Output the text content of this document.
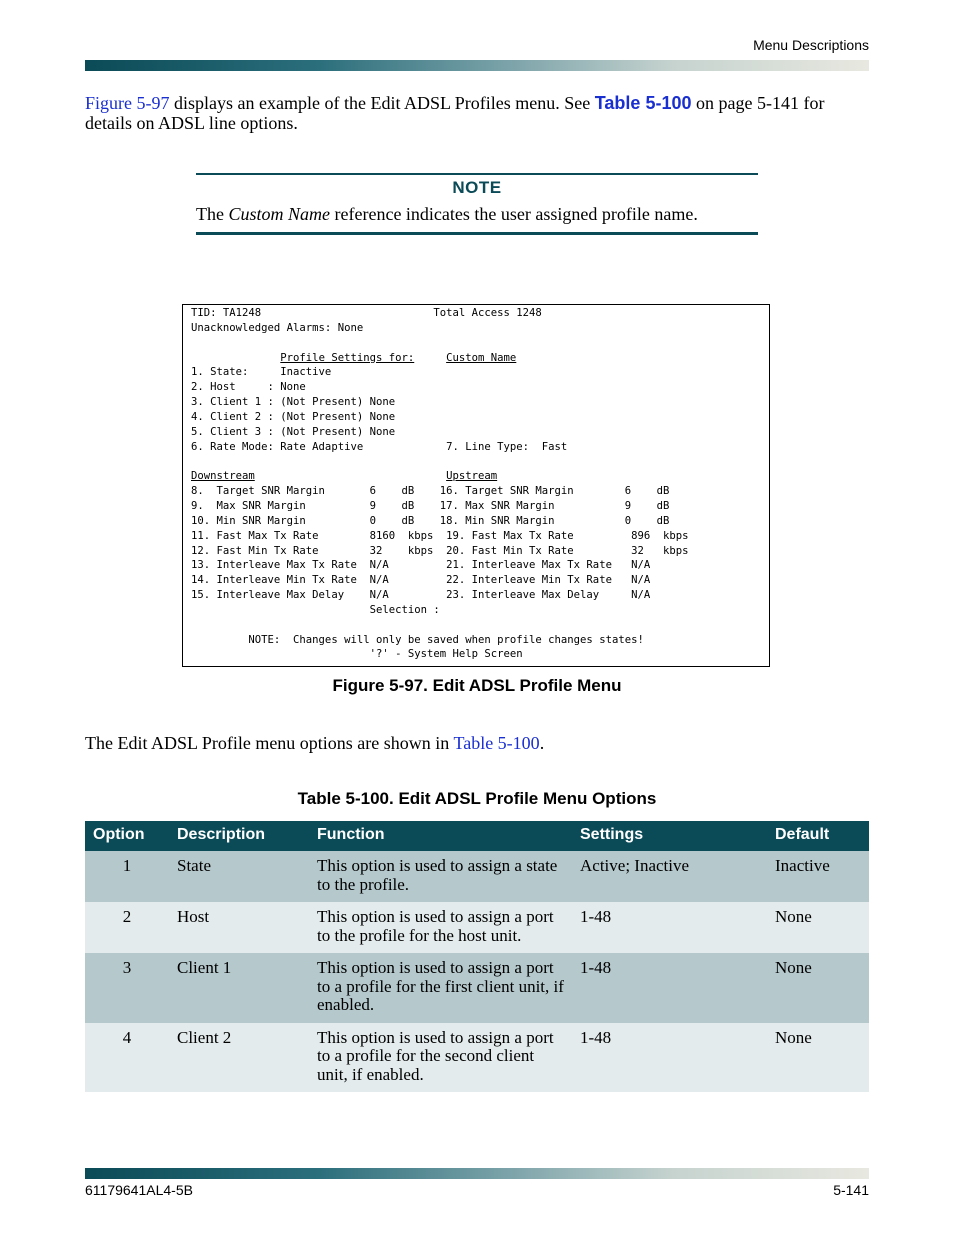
Menu Descriptions
Figure 5-97 displays an example of the Edit ADSL Profiles menu. See Table 5-100 on page 5-141 for details on ADSL line options.
NOTE
The Custom Name reference indicates the user assigned profile name.
TID: TA1248                           Total Access 1248
Unacknowledged Alarms: None

Profile Settings for:	Custom Name
1. State:     Inactive
2. Host     : None
3. Client 1 : (Not Present) None
4. Client 2 : (Not Present) None
5. Client 3 : (Not Present) None
6. Rate Mode: Rate Adaptive             7. Line Type:  Fast

Downstream	Upstream
8.  Target SNR Margin       6    dB    16. Target SNR Margin        6    dB
9.  Max SNR Margin          9    dB    17. Max SNR Margin           9    dB
10. Min SNR Margin          0    dB    18. Min SNR Margin           0    dB
11. Fast Max Tx Rate        8160  kbps  19. Fast Max Tx Rate         896  kbps
12. Fast Min Tx Rate        32    kbps  20. Fast Min Tx Rate         32   kbps
13. Interleave Max Tx Rate  N/A         21. Interleave Max Tx Rate   N/A
14. Interleave Min Tx Rate  N/A         22. Interleave Min Tx Rate   N/A
15. Interleave Max Delay    N/A         23. Interleave Max Delay     N/A
Selection :

NOTE:  Changes will only be saved when profile changes states!
'?' - System Help Screen
Figure 5-97. Edit ADSL Profile Menu
The Edit ADSL Profile menu options are shown in Table 5-100.
Table 5-100. Edit ADSL Profile Menu Options
Option	Description	Function	Settings	Default
1	State	This option is used to assign a state to the profile.	Active; Inactive	Inactive
2	Host	This option is used to assign a port to the profile for the host unit.	1-48	None
3	Client 1	This option is used to assign a port to a profile for the first client unit, if enabled.	1-48	None
4	Client 2	This option is used to assign a port to a profile for the second client unit, if enabled.	1-48	None
61179641AL4-5B	5-141
